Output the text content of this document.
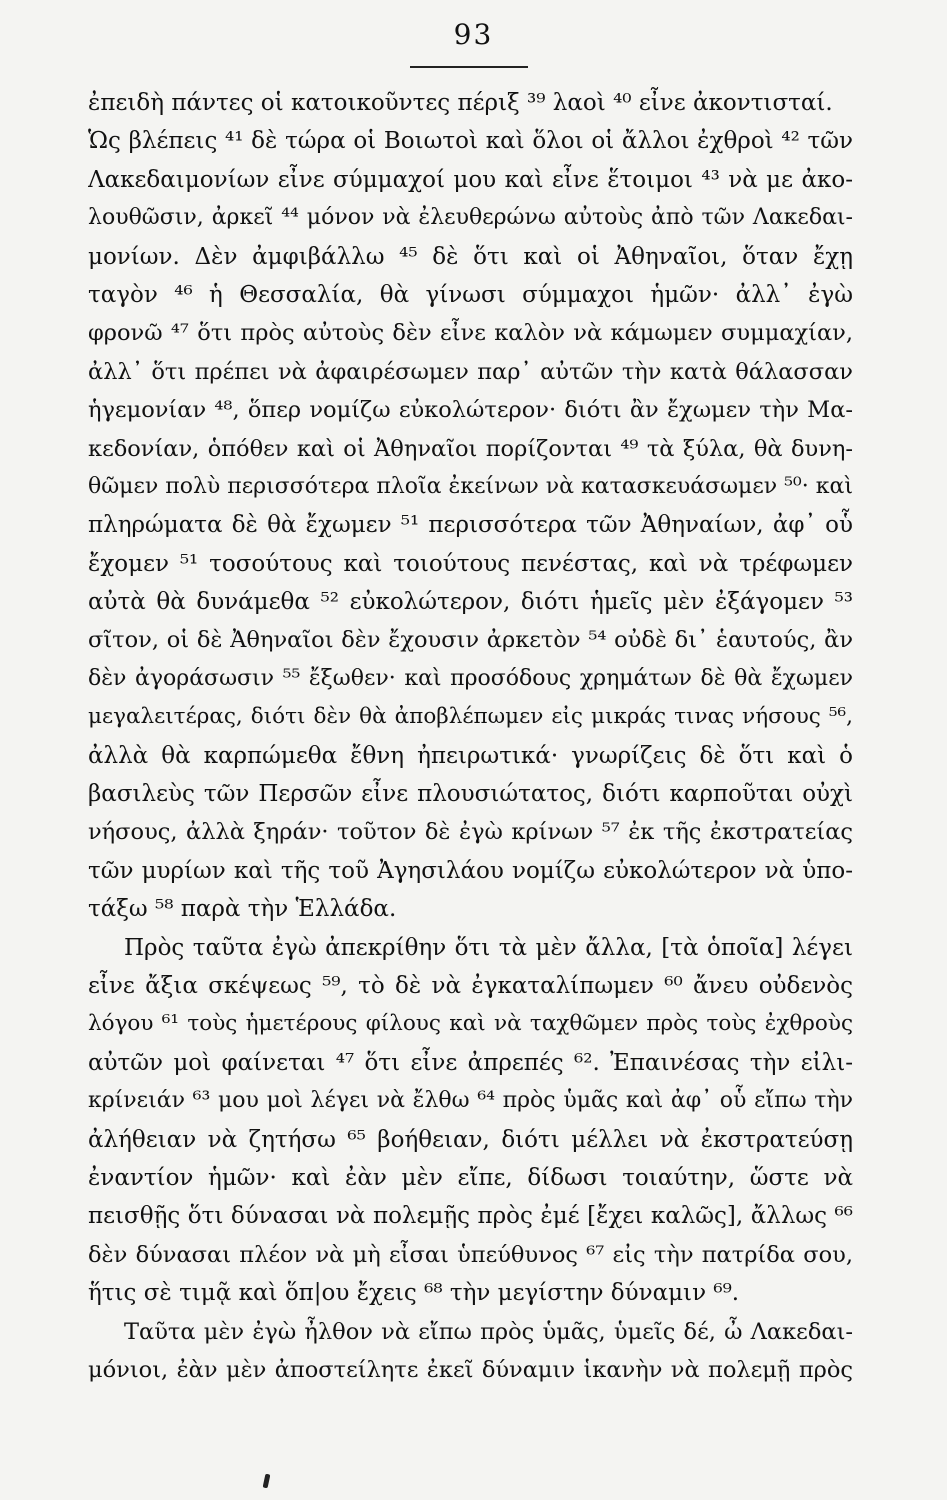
93
ἐπειδὴ πάντες οἱ κατοικοῦντες πέριξ ³⁹ λαοὶ ⁴⁰ εἶνε ἀκοντισταί.
Ὡς βλέπεις ⁴¹ δὲ τώρα οἱ Βοιωτοὶ καὶ ὅλοι οἱ ἄλλοι ἐχθροὶ ⁴² τῶν
Λακεδαιμονίων εἶνε σύμμαχοί μου καὶ εἶνε ἕτοιμοι ⁴³ νὰ με ἀκο-
λουθῶσιν, ἀρκεῖ ⁴⁴ μόνον νὰ ἐλευθερώνω αὐτοὺς ἀπὸ τῶν Λακεδαι-
μονίων. Δὲν ἀμφιβάλλω ⁴⁵ δὲ ὅτι καὶ οἱ Ἀθηναῖοι, ὅταν ἔχῃ
ταγὸν ⁴⁶ ἡ Θεσσαλία, θὰ γίνωσι σύμμαχοι ἡμῶν· ἀλλ᾽ ἐγὼ
φρονῶ ⁴⁷ ὅτι πρὸς αὐτοὺς δὲν εἶνε καλὸν νὰ κάμωμεν συμμαχίαν,
ἀλλ᾽ ὅτι πρέπει νὰ ἀφαιρέσωμεν παρ᾽ αὐτῶν τὴν κατὰ θάλασσαν
ἡγεμονίαν ⁴⁸, ὅπερ νομίζω εὐκολώτερον· διότι ἂν ἔχωμεν τὴν Μα-
κεδονίαν, ὁπόθεν καὶ οἱ Ἀθηναῖοι πορίζονται ⁴⁹ τὰ ξύλα, θὰ δυνη-
θῶμεν πολὺ περισσότερα πλοῖα ἐκείνων νὰ κατασκευάσωμεν ⁵⁰· καὶ
πληρώματα δὲ θὰ ἔχωμεν ⁵¹ περισσότερα τῶν Ἀθηναίων, ἀφ᾽ οὗ
ἔχομεν ⁵¹ τοσούτους καὶ τοιούτους πενέστας, καὶ νὰ τρέφωμεν
αὐτὰ θὰ δυνάμεθα ⁵² εὐκολώτερον, διότι ἡμεῖς μὲν ἐξάγομεν ⁵³
σῖτον, οἱ δὲ Ἀθηναῖοι δὲν ἔχουσιν ἀρκετὸν ⁵⁴ οὐδὲ δι᾽ ἑαυτούς, ἂν
δὲν ἀγοράσωσιν ⁵⁵ ἔξωθεν· καὶ προσόδους χρημάτων δὲ θὰ ἔχωμεν
μεγαλειτέρας, διότι δὲν θὰ ἀποβλέπωμεν εἰς μικράς τινας νήσους ⁵⁶,
ἀλλὰ θὰ καρπώμεθα ἔθνη ἠπειρωτικά· γνωρίζεις δὲ ὅτι καὶ ὁ
βασιλεὺς τῶν Περσῶν εἶνε πλουσιώτατος, διότι καρποῦται οὐχὶ
νήσους, ἀλλὰ ξηράν· τοῦτον δὲ ἐγὼ κρίνων ⁵⁷ ἐκ τῆς ἐκστρατείας
τῶν μυρίων καὶ τῆς τοῦ Ἀγησιλάου νομίζω εὐκολώτερον νὰ ὑπο-
τάξω ⁵⁸ παρὰ τὴν Ἑλλάδα.
Πρὸς ταῦτα ἐγὼ ἀπεκρίθην ὅτι τὰ μὲν ἄλλα, [τὰ ὁποῖα] λέγει
εἶνε ἄξια σκέψεως ⁵⁹, τὸ δὲ νὰ ἐγκαταλίπωμεν ⁶⁰ ἄνευ οὐδενὸς
λόγου ⁶¹ τοὺς ἡμετέρους φίλους καὶ νὰ ταχθῶμεν πρὸς τοὺς ἐχθροὺς
αὐτῶν μοὶ φαίνεται ⁴⁷ ὅτι εἶνε ἀπρεπές ⁶². Ἐπαινέσας τὴν εἰλι-
κρίνειάν ⁶³ μου μοὶ λέγει νὰ ἔλθω ⁶⁴ πρὸς ὑμᾶς καὶ ἀφ᾽ οὗ εἴπω τὴν
ἀλήθειαν νὰ ζητήσω ⁶⁵ βοήθειαν, διότι μέλλει νὰ ἐκστρατεύσῃ
ἐναντίον ἡμῶν· καὶ ἐὰν μὲν εἴπε, δίδωσι τοιαύτην, ὥστε νὰ
πεισθῇς ὅτι δύνασαι νὰ πολεμῇς πρὸς ἐμέ [ἔχει καλῶς], ἄλλως ⁶⁶
δὲν δύνασαι πλέον νὰ μὴ εἶσαι ὑπεύθυνος ⁶⁷ εἰς τὴν πατρίδα σου,
ἥτις σὲ τιμᾷ καὶ ὅπ|ου ἔχεις ⁶⁸ τὴν μεγίστην δύναμιν ⁶⁹.
Ταῦτα μὲν ἐγὼ ἦλθον νὰ εἴπω πρὸς ὑμᾶς, ὑμεῖς δέ, ὦ Λακεδαι-
μόνιοι, ἐὰν μὲν ἀποστείλητε ἐκεῖ δύναμιν ἱκανὴν νὰ πολεμῇ πρὸς
